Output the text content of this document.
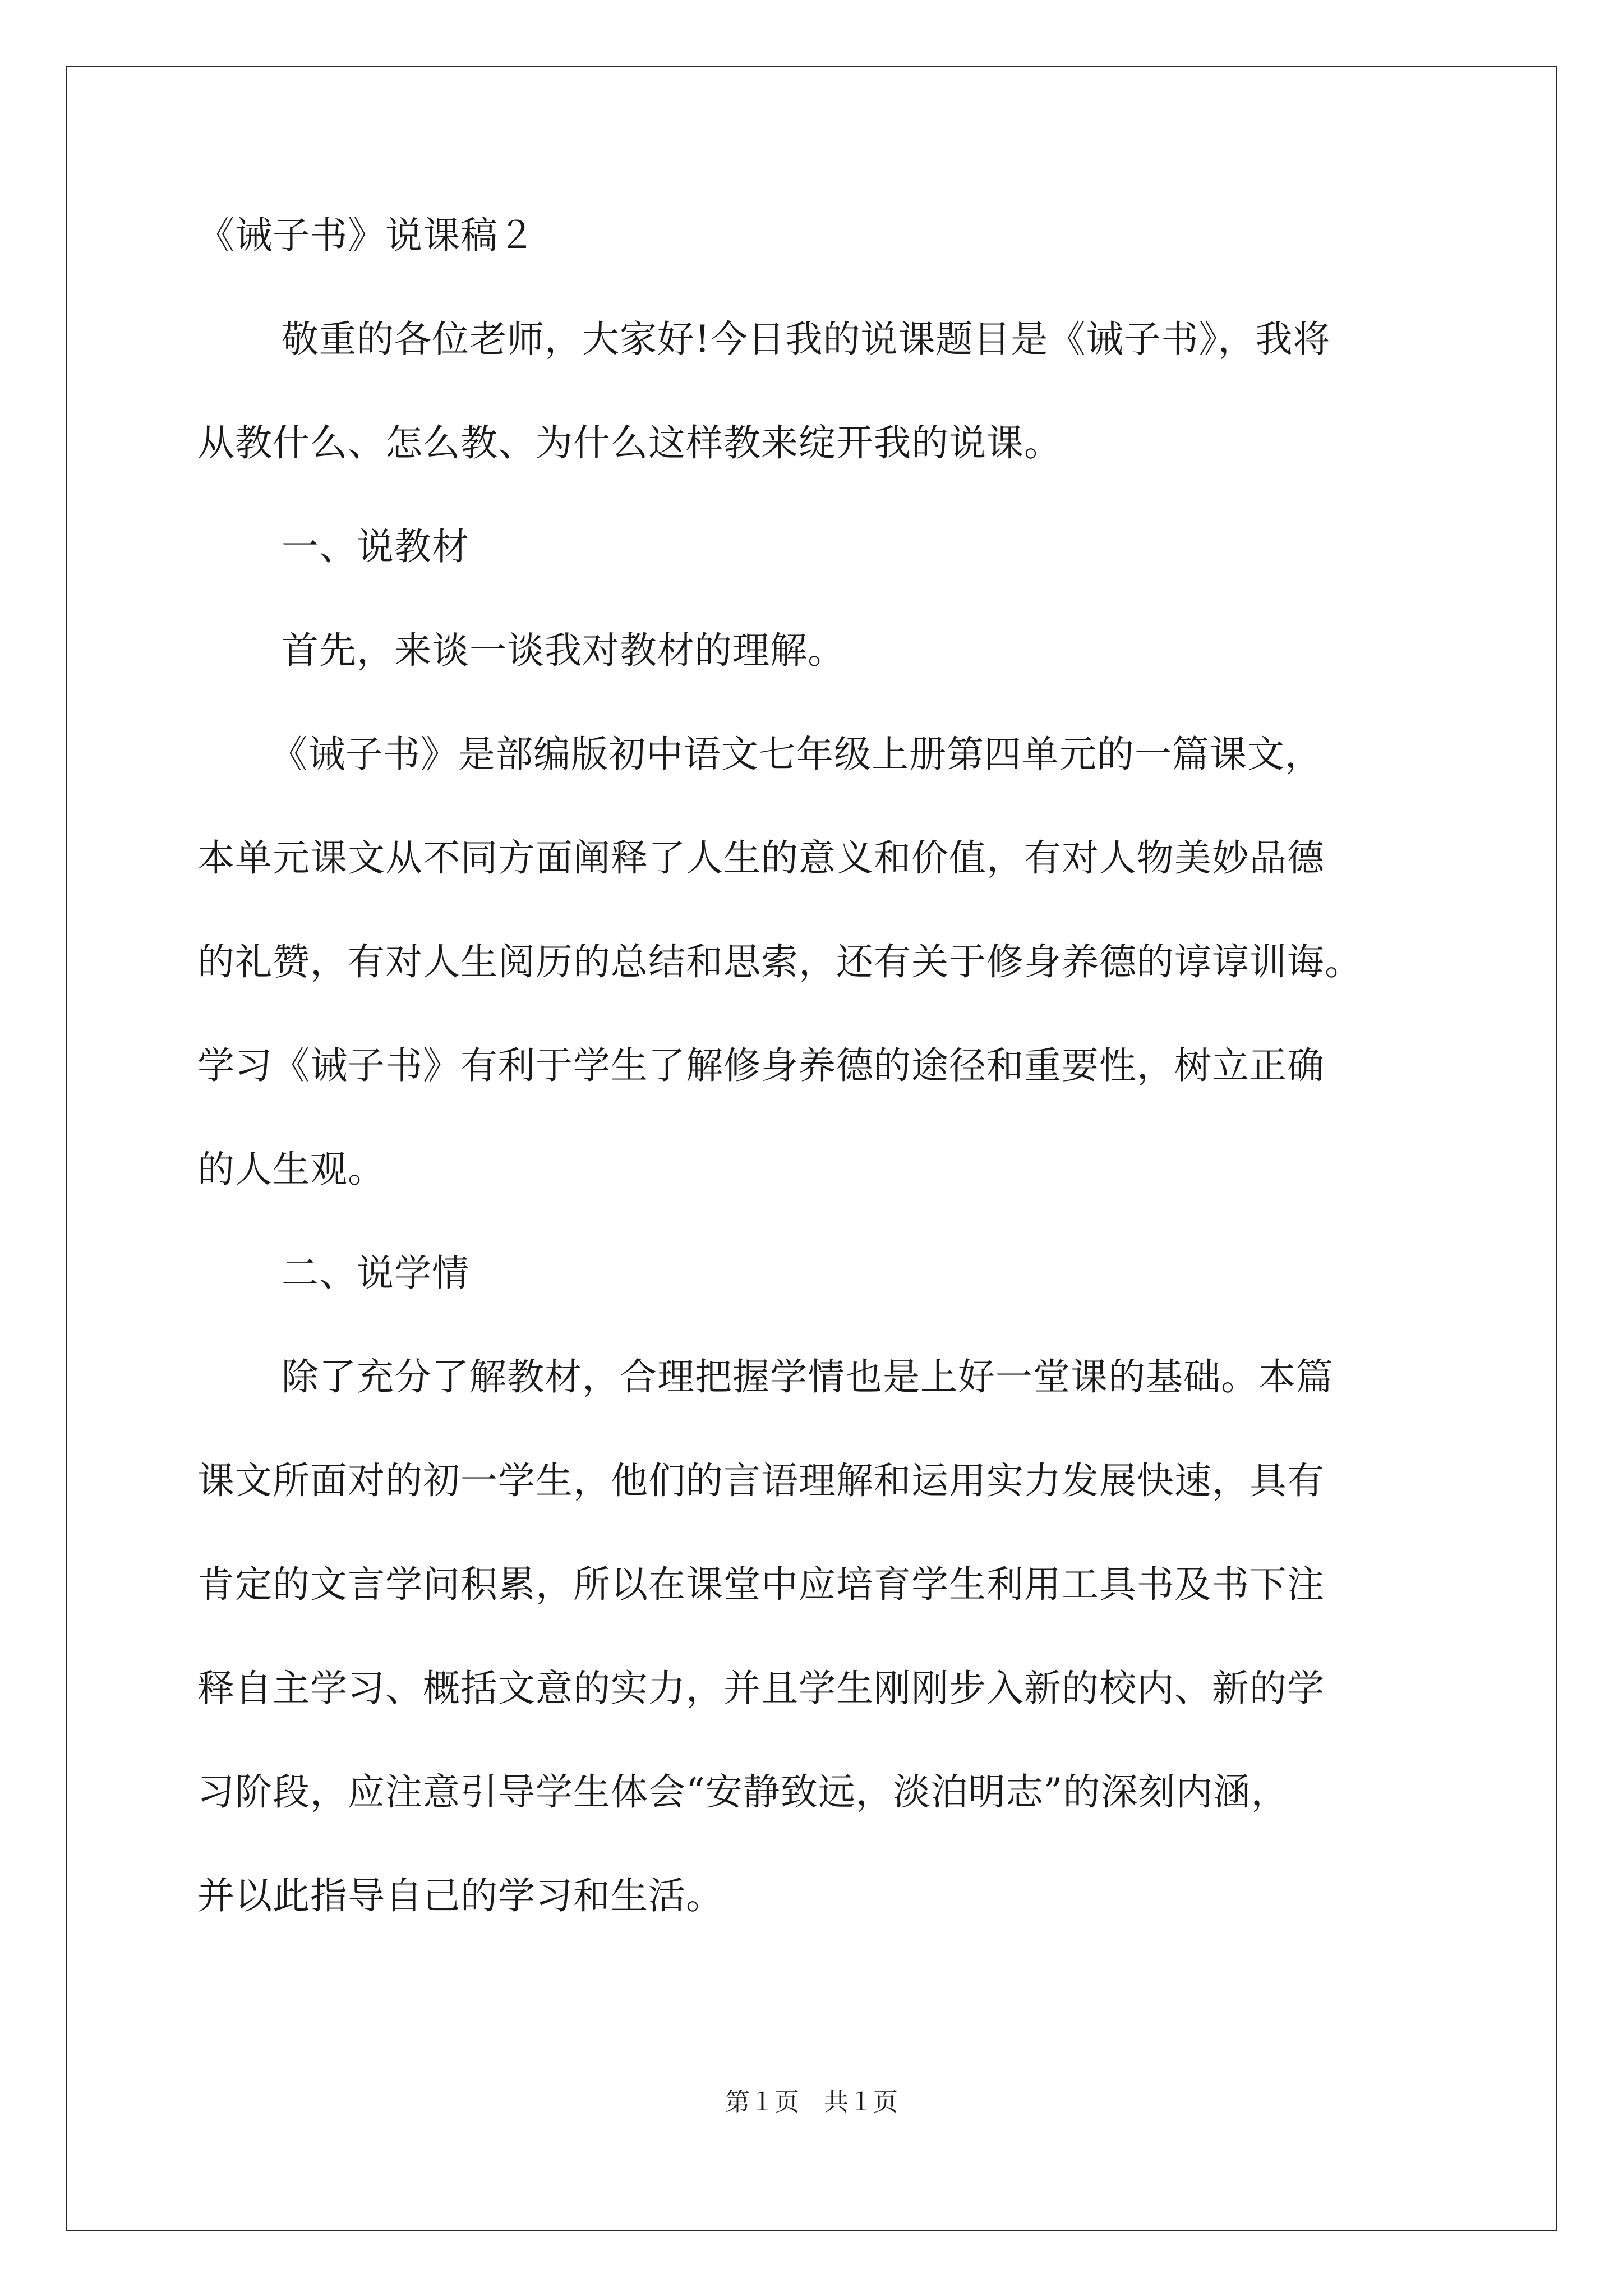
《诫子书》说课稿２
敬重的各位老师，大家好!今日我的说课题目是《诫子书》，我将
从教什么、怎么教、为什么这样教来绽开我的说课。
一、说教材
首先，来谈一谈我对教材的理解。
《诫子书》是部编版初中语文七年级上册第四单元的一篇课文，
本单元课文从不同方面阐释了人生的意义和价值，有对人物美妙品德
的礼赞，有对人生阅历的总结和思索，还有关于修身养德的谆谆训诲。
学习《诫子书》有利于学生了解修身养德的途径和重要性，树立正确
的人生观。
二、说学情
除了充分了解教材，合理把握学情也是上好一堂课的基础。本篇
课文所面对的初一学生，他们的言语理解和运用实力发展快速，具有
肯定的文言学问积累，所以在课堂中应培育学生利用工具书及书下注
释自主学习、概括文意的实力，并且学生刚刚步入新的校内、新的学
习阶段，应注意引导学生体会“安静致远，淡泊明志”的深刻内涵，
并以此指导自己的学习和生活。
第１页　共１页
